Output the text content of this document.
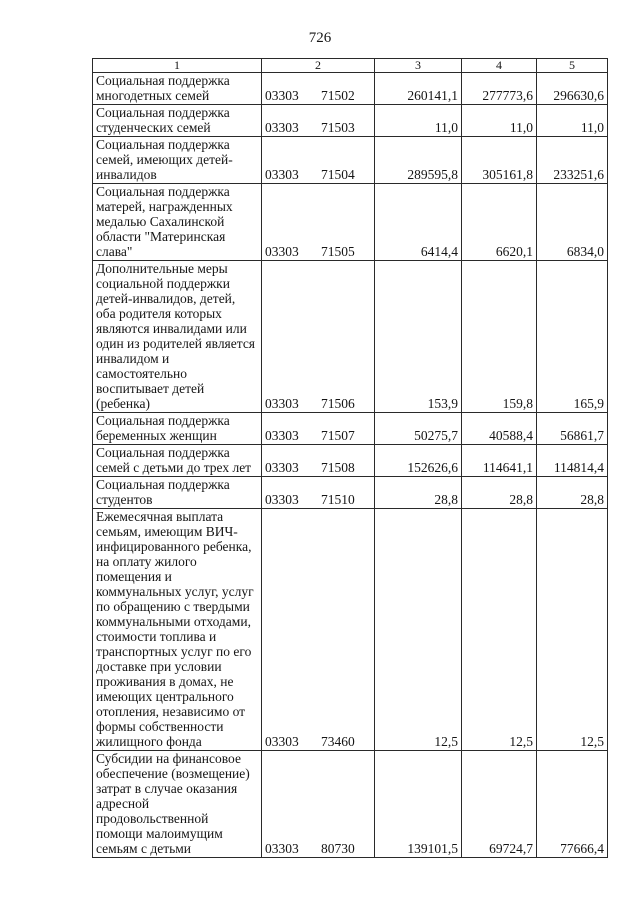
726
1	2	3	4	5
Социальная поддержка многодетных семей	03303 71502	260141,1	277773,6	296630,6
Социальная поддержка студенческих семей	03303 71503	11,0	11,0	11,0
Социальная поддержка семей, имеющих детей-инвалидов	03303 71504	289595,8	305161,8	233251,6
Социальная поддержка матерей, награжденных медалью Сахалинской области "Материнская слава"	03303 71505	6414,4	6620,1	6834,0
Дополнительные меры социальной поддержки детей-инвалидов, детей, оба родителя которых являются инвалидами или один из родителей является инвалидом и самостоятельно воспитывает детей (ребенка)	03303 71506	153,9	159,8	165,9
Социальная поддержка беременных женщин	03303 71507	50275,7	40588,4	56861,7
Социальная поддержка семей с детьми до трех лет	03303 71508	152626,6	114641,1	114814,4
Социальная поддержка студентов	03303 71510	28,8	28,8	28,8
Ежемесячная выплата семьям, имеющим ВИЧ-инфицированного ребенка, на оплату жилого помещения и коммунальных услуг, услуг по обращению с твердыми коммунальными отходами, стоимости топлива и транспортных услуг по его доставке при условии проживания в домах, не имеющих центрального отопления, независимо от формы собственности жилищного фонда	03303 73460	12,5	12,5	12,5
Субсидии на финансовое обеспечение (возмещение) затрат в случае оказания адресной продовольственной помощи малоимущим семьям с детьми	03303 80730	139101,5	69724,7	77666,4
